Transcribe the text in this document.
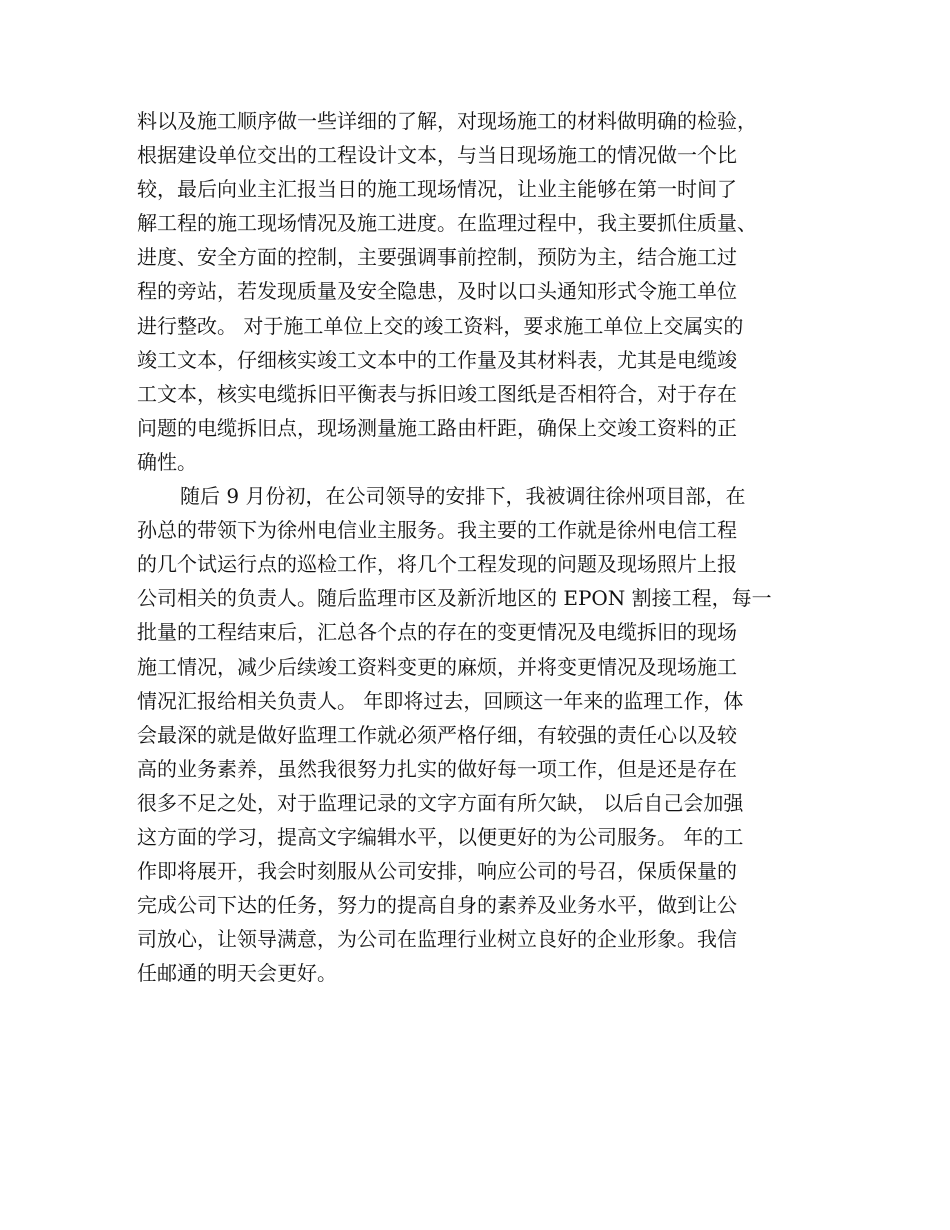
料以及施工顺序做一些详细的了解，对现场施工的材料做明确的检验，
根据建设单位交出的工程设计文本，与当日现场施工的情况做一个比
较，最后向业主汇报当日的施工现场情况，让业主能够在第一时间了
解工程的施工现场情况及施工进度。在监理过程中，我主要抓住质量、
进度、安全方面的控制，主要强调事前控制，预防为主，结合施工过
程的旁站，若发现质量及安全隐患，及时以口头通知形式令施工单位
进行整改。 对于施工单位上交的竣工资料，要求施工单位上交属实的
竣工文本，仔细核实竣工文本中的工作量及其材料表，尤其是电缆竣
工文本，核实电缆拆旧平衡表与拆旧竣工图纸是否相符合，对于存在
问题的电缆拆旧点，现场测量施工路由杆距，确保上交竣工资料的正
确性。
随后 9 月份初，在公司领导的安排下，我被调往徐州项目部，在
孙总的带领下为徐州电信业主服务。我主要的工作就是徐州电信工程
的几个试运行点的巡检工作，将几个工程发现的问题及现场照片上报
公司相关的负责人。随后监理市区及新沂地区的 EPON 割接工程，每一
批量的工程结束后，汇总各个点的存在的变更情况及电缆拆旧的现场
施工情况，减少后续竣工资料变更的麻烦，并将变更情况及现场施工
情况汇报给相关负责人。 年即将过去，回顾这一年来的监理工作，体
会最深的就是做好监理工作就必须严格仔细，有较强的责任心以及较
高的业务素养，虽然我很努力扎实的做好每一项工作，但是还是存在
很多不足之处，对于监理记录的文字方面有所欠缺， 以后自己会加强
这方面的学习，提高文字编辑水平，以便更好的为公司服务。 年的工
作即将展开，我会时刻服从公司安排，响应公司的号召，保质保量的
完成公司下达的任务，努力的提高自身的素养及业务水平，做到让公
司放心，让领导满意，为公司在监理行业树立良好的企业形象。我信
任邮通的明天会更好。
